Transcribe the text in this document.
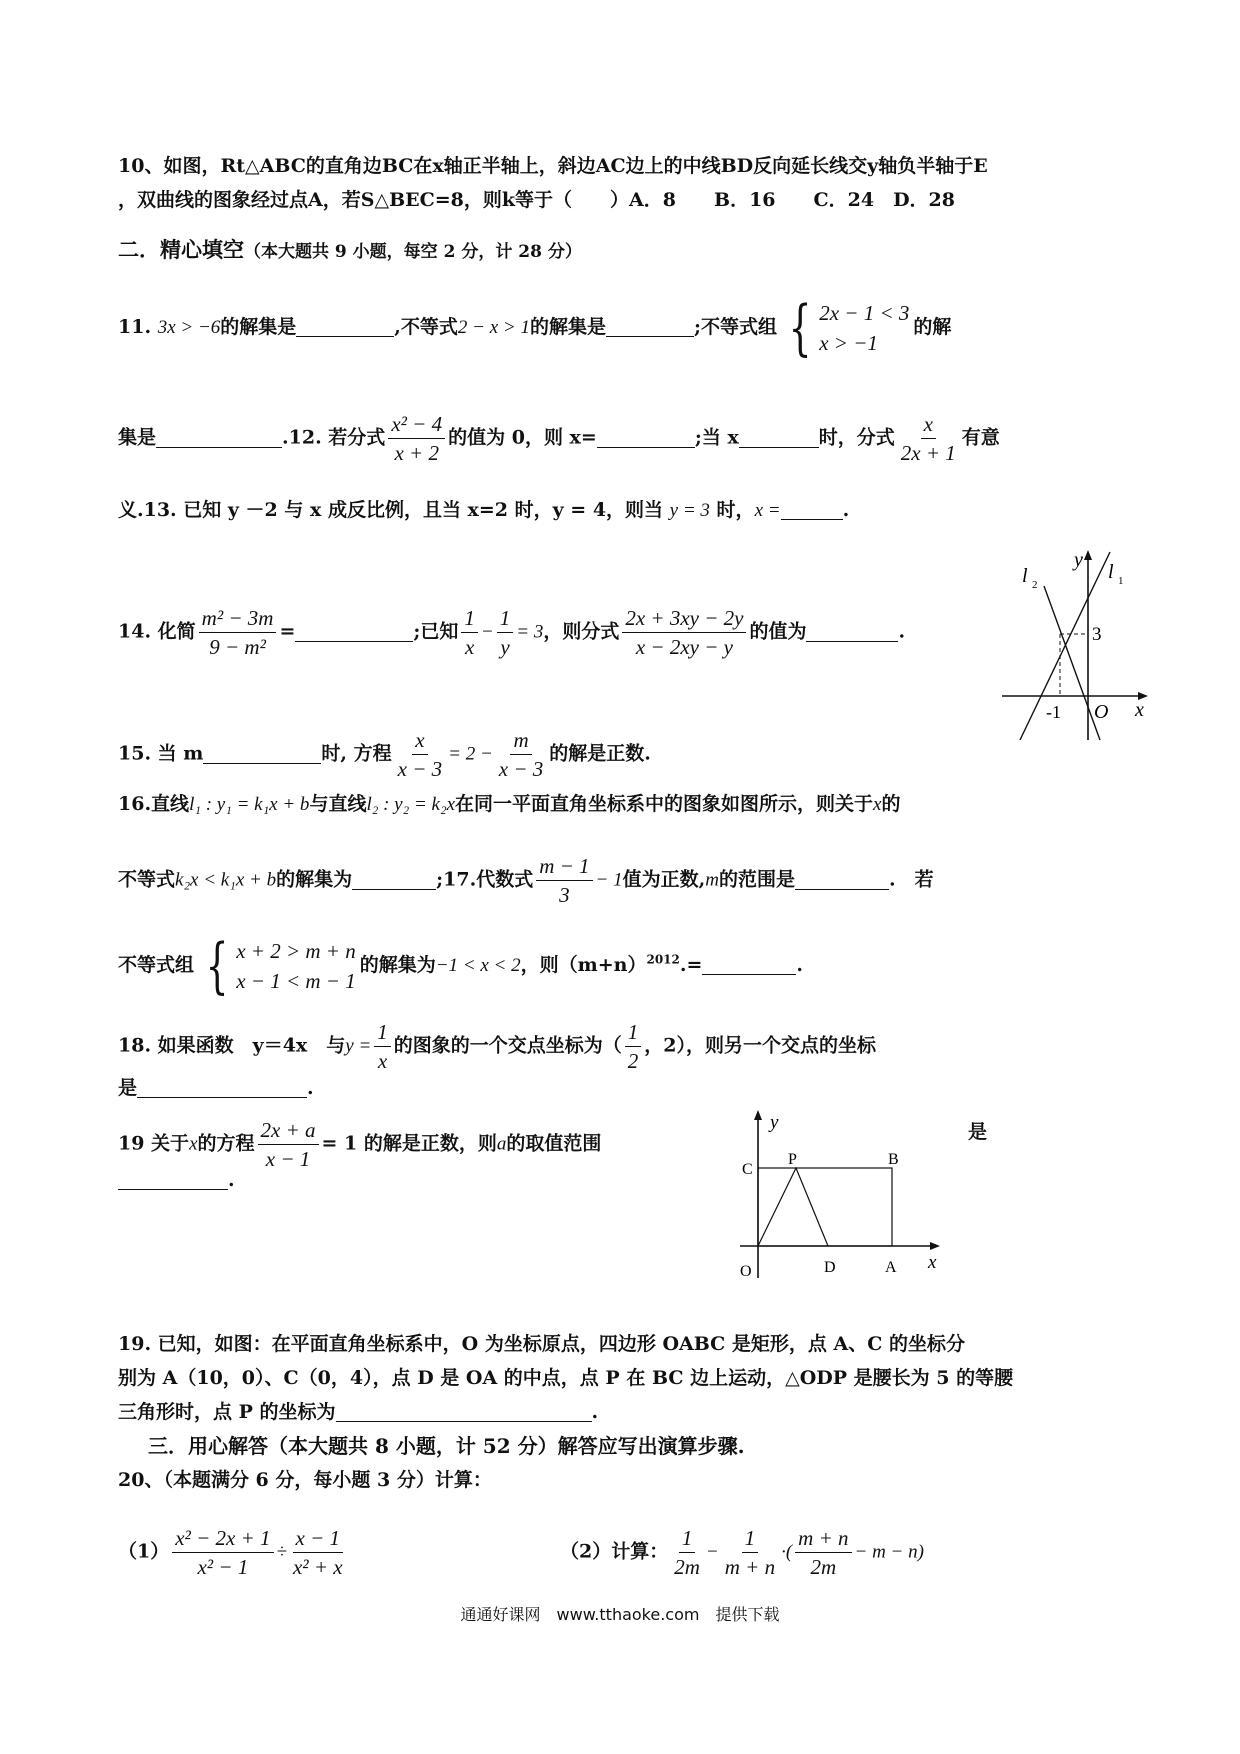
10、如图，Rt△ABC的直角边BC在x轴正半轴上，斜边AC边上的中线BD反向延长线交y轴负半轴于E
，双曲线的图象经过点A，若S△BEC=8，则k等于（　　）A．8　　B．16　　C．24　D．28
二．精心填空（本大题共 9 小题，每空 2 分，计 28 分）
11. 3x > −6的解集是	,不等式2 − x > 1的解集是	;不等式组 { 2x − 1 < 3
x > −1
的解
集是	.12. 若分式 $\frac{\text{x² − 4}}{x + 2}$ 的值为 0，则 x=	;当 x	时，分式 $\frac{x}{2x + 1}$ 有意
义.13. 已知 y －2 与 x 成反比例，且当 x=2 时，y = 4，则当 y = 3 时，x =	.
14. 化简 $\frac{\text{m² − 3m}}{\text{9 − m²}}$ =	;已知 $\frac{1}{x} - \frac{1}{y} = 3$，则分式 $\frac{2x + 3xy - 2y}{x - 2xy - y}$ 的值为	.
y
x
O
l 2
l 1
3
-1
15. 当 m	时, 方程 $\frac{x}{x - 3} = 2 - \frac{m}{x - 3}$ 的解是正数.
16.直线l₁ : y₁ = k₁x + b与直线l₂ : y₂ = k₂x在同一平面直角坐标系中的图象如图所示，则关于x的
不等式k₂x < k₁x + b的解集为	;17.代数式 $\frac{m - 1}{3} - 1$值为正数,m的范围是	.　若
不等式组 { x + 2 > m + n
x − 1 < m − 1
的解集为−1 < x < 2，则$(m+n)^{2012}.=$	.
18. 如果函数　y＝4x　与$y = \frac{1}{x}$ 的图象的一个交点坐标为（ $\frac{1}{2}$ ，2），则另一个交点的坐标
是	.
19 关于x的方程 $\frac{2x + a}{x - 1} = 1$ 的解是正数，则a的取值范围
是
.
y
x
O
C
P	B
D	A
19. 已知，如图：在平面直角坐标系中，O 为坐标原点，四边形 OABC 是矩形，点 A、C 的坐标分
别为 A（10，0）、C（0，4），点 D 是 OA 的中点，点 P 在 BC 边上运动，△ODP 是腰长为 5 的等腰
三角形时，点 P 的坐标为	.
三．用心解答（本大题共 8 小题，计 52 分）解答应写出演算步骤.
20、（本题满分 6 分，每小题 3 分）计算：
$(1) \frac{\text{x² − 2x + 1}}{\text{x² − 1}} \div \frac{x - 1}{\text{x² + x}}$	（2）计算： $\frac{1}{2m} - \frac{1}{m + n}$ ·( $\frac{m + n}{2m} - m - n$)
通通好课网　www.tthaoke.com　提供下载
